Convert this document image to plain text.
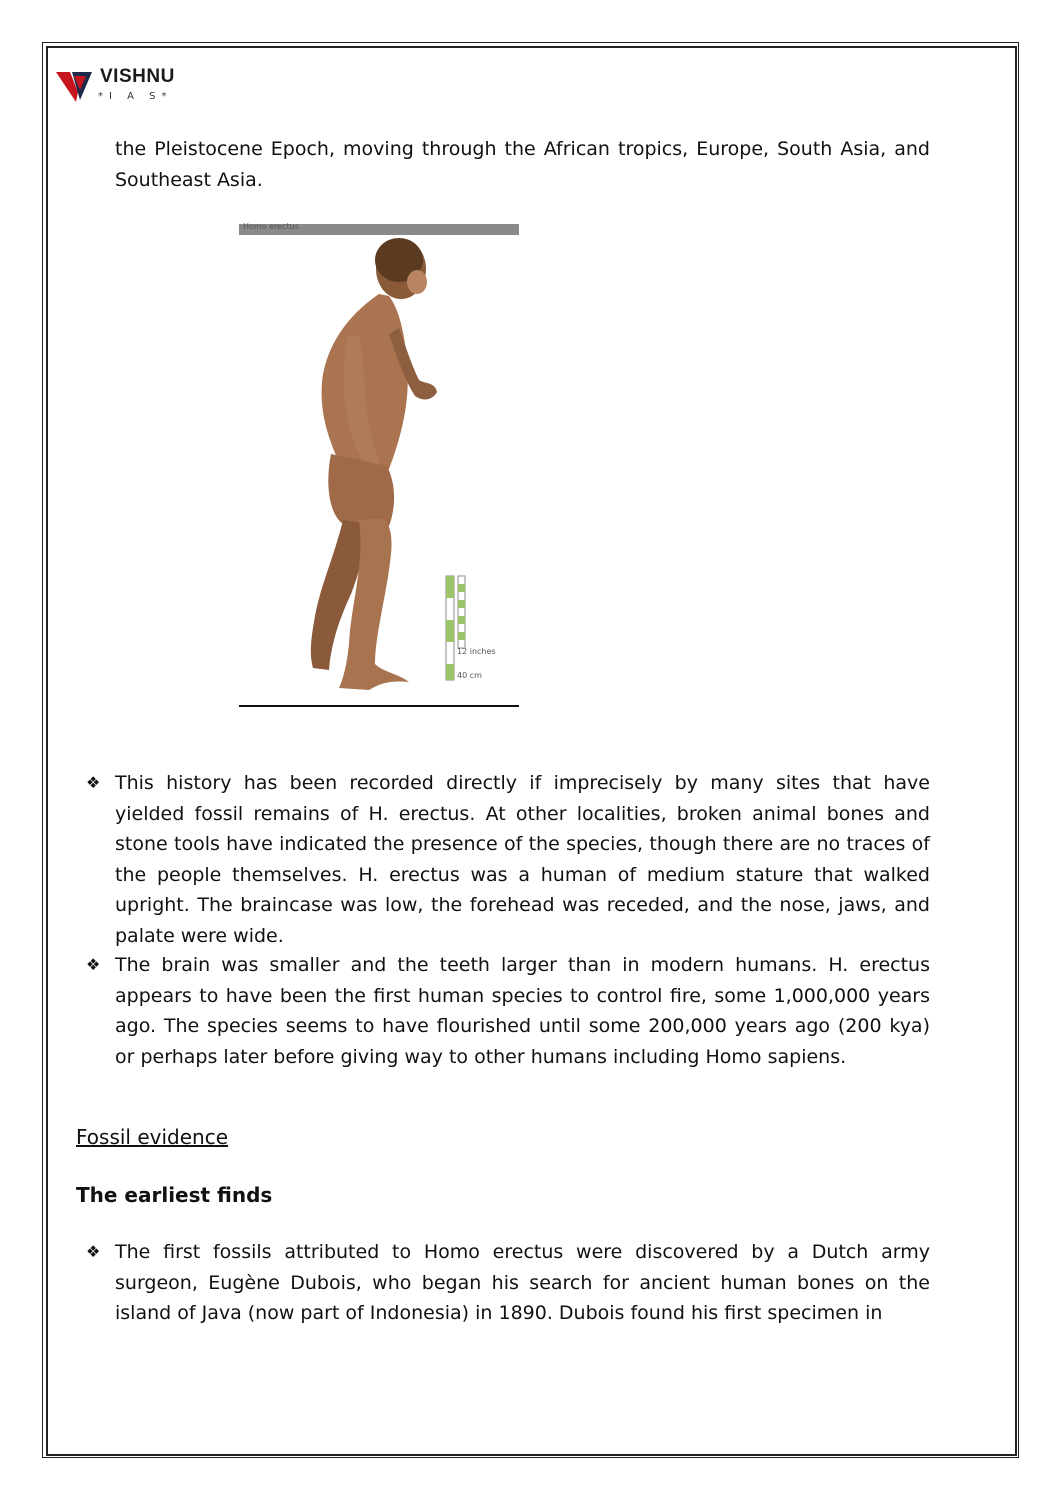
VISHNU
*I A S*
the Pleistocene Epoch, moving through the African tropics, Europe, South Asia, and Southeast Asia.
Homo erectus
12 inches
40 cm
❖ This history has been recorded directly if imprecisely by many sites that have yielded fossil remains of H. erectus. At other localities, broken animal bones and stone tools have indicated the presence of the species, though there are no traces of the people themselves. H. erectus was a human of medium stature that walked upright. The braincase was low, the forehead was receded, and the nose, jaws, and palate were wide.
❖ The brain was smaller and the teeth larger than in modern humans. H. erectus appears to have been the first human species to control fire, some 1,000,000 years ago. The species seems to have flourished until some 200,000 years ago (200 kya) or perhaps later before giving way to other humans including Homo sapiens.
Fossil evidence
The earliest finds
❖ The first fossils attributed to Homo erectus were discovered by a Dutch army surgeon, Eugène Dubois, who began his search for ancient human bones on the island of Java (now part of Indonesia) in 1890. Dubois found his first specimen in
